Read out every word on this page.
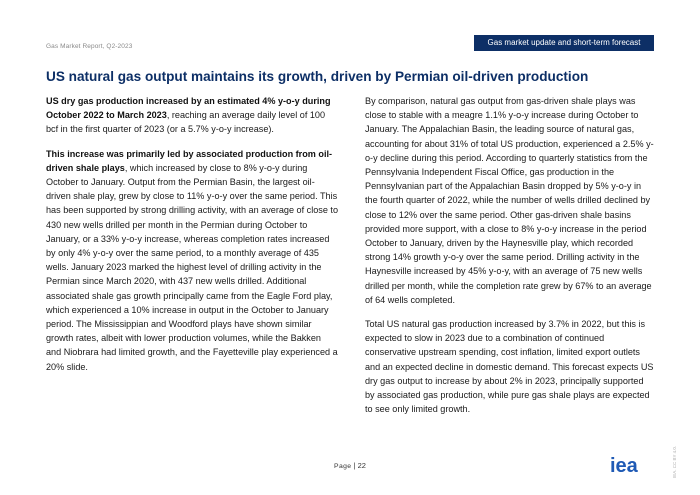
Gas Market Report, Q2-2023	Gas market update and short-term forecast
US natural gas output maintains its growth, driven by Permian oil-driven production

US dry gas production increased by an estimated 4% y-o-y during October 2022 to March 2023, reaching an average daily level of 100 bcf in the first quarter of 2023 (or a 5.7% y-o-y increase).

This increase was primarily led by associated production from oil-driven shale plays, which increased by close to 8% y-o-y during October to January. Output from the Permian Basin, the largest oil-driven shale play, grew by close to 11% y-o-y over the same period. This has been supported by strong drilling activity, with an average of close to 430 new wells drilled per month in the Permian during October to January, or a 33% y-o-y increase, whereas completion rates increased by only 4% y-o-y over the same period, to a monthly average of 435 wells. January 2023 marked the highest level of drilling activity in the Permian since March 2020, with 437 new wells drilled. Additional associated shale gas growth principally came from the Eagle Ford play, which experienced a 10% increase in output in the October to January period. The Mississippian and Woodford plays have shown similar growth rates, albeit with lower production volumes, while the Bakken and Niobrara had limited growth, and the Fayetteville play experienced a 20% slide.

By comparison, natural gas output from gas-driven shale plays was close to stable with a meagre 1.1% y-o-y increase during October to January. The Appalachian Basin, the leading source of natural gas, accounting for about 31% of total US production, experienced a 2.5% y-o-y decline during this period. According to quarterly statistics from the Pennsylvania Independent Fiscal Office, gas production in the Pennsylvanian part of the Appalachian Basin dropped by 5% y-o-y in the fourth quarter of 2022, while the number of wells drilled declined by close to 12% over the same period. Other gas-driven shale basins provided more support, with a close to 8% y-o-y increase in the period October to January, driven by the Haynesville play, which recorded strong 14% growth y-o-y over the same period. Drilling activity in the Haynesville increased by 45% y-o-y, with an average of 75 new wells drilled per month, while the completion rate grew by 67% to an average of 64 wells completed.

Total US natural gas production increased by 3.7% in 2022, but this is expected to slow in 2023 due to a combination of continued conservative upstream spending, cost inflation, limited export outlets and an expected decline in domestic demand. This forecast expects US dry gas output to increase by about 2% in 2023, principally supported by associated gas production, while pure gas shale plays are expected to see only limited growth.

Page | 22	iea	IEA. CC BY 4.0.
